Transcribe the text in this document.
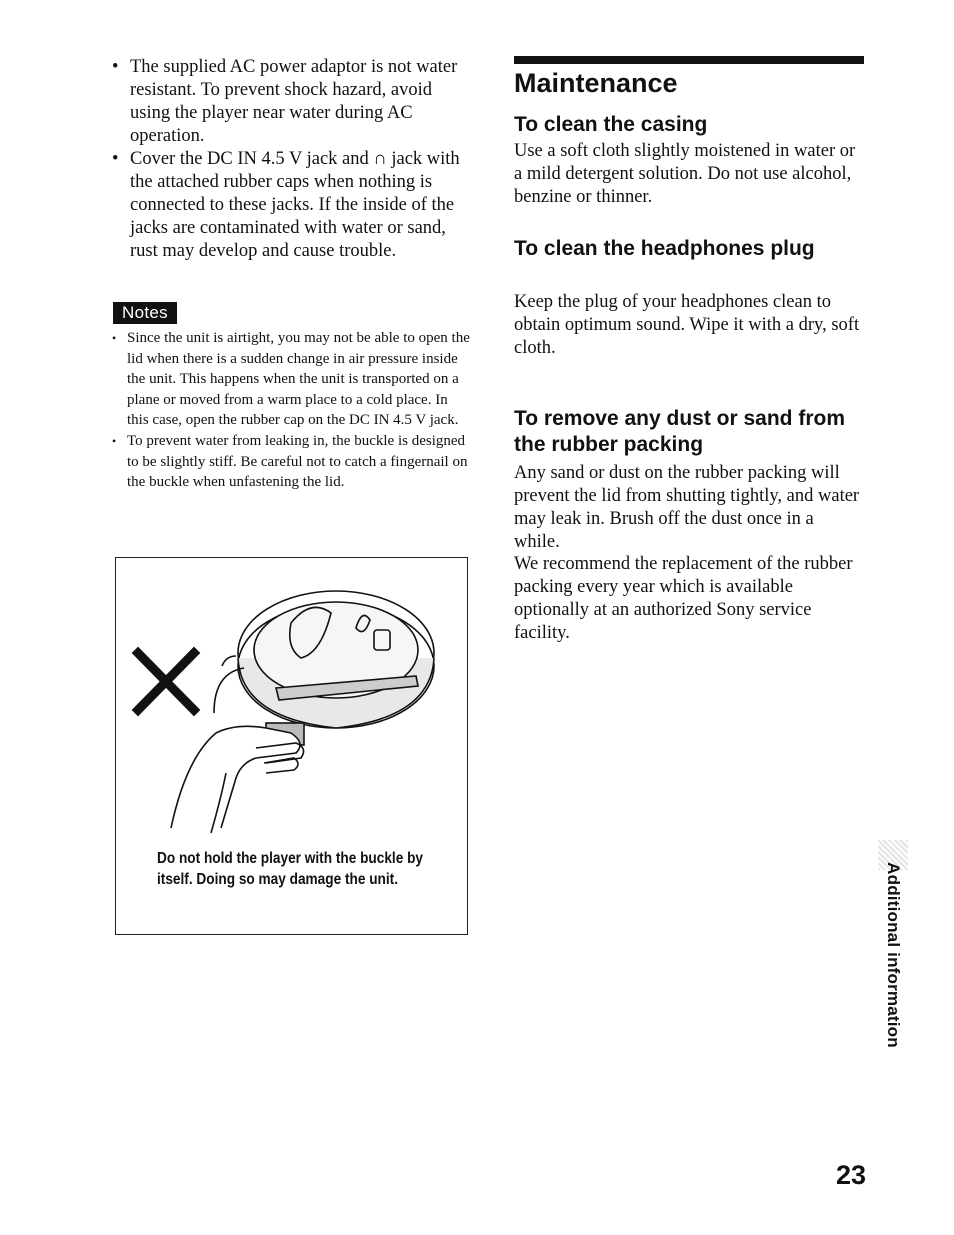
• The supplied AC power adaptor is not water resistant. To prevent shock hazard, avoid using the player near water during AC operation.
• Cover the DC IN 4.5 V jack and ∩ jack with the attached rubber caps when nothing is connected to these jacks. If the inside of the jacks are contaminated with water or sand, rust may develop and cause trouble.
Notes
• Since the unit is airtight, you may not be able to open the lid when there is a sudden change in air pressure inside the unit. This happens when the unit is transported on a plane or moved from a warm place to a cold place. In this case, open the rubber cap on the DC IN 4.5 V jack.
• To prevent water from leaking in, the buckle is designed to be slightly stiff. Be careful not to catch a fingernail on the buckle when unfastening the lid.
Do not hold the player with the buckle by itself. Doing so may damage the unit.
Maintenance
To clean the casing

Use a soft cloth slightly moistened in water or a mild detergent solution. Do not use alcohol, benzine or thinner.

To clean the headphones plug

Keep the plug of your headphones clean to obtain optimum sound. Wipe it with a dry, soft cloth.

To remove any dust or sand from the rubber packing

Any sand or dust on the rubber packing will prevent the lid from shutting tightly, and water may leak in. Brush off the dust once in a while.

We recommend the replacement of the rubber packing every year which is available optionally at an authorized Sony service facility.

Additional information
23
